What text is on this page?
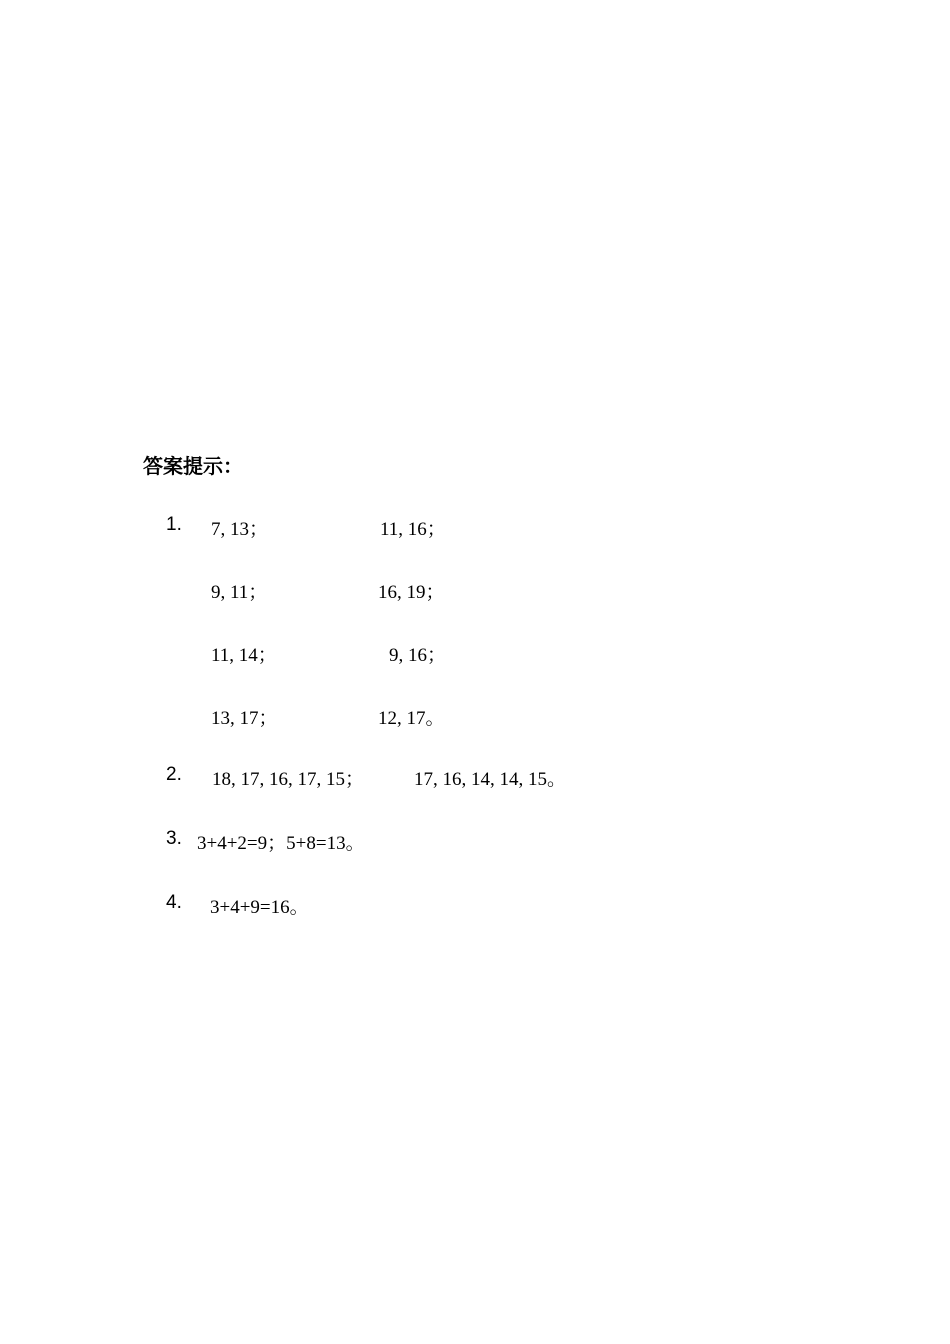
答案提示：
1. 7, 13；	11, 16；
9, 11；	16, 19；
11, 14；	9, 16；
13, 17；	12, 17。
2. 18, 17, 16, 17, 15；	17, 16, 14, 14, 15。
3. 3+4+2=9；5+8=13。
4. 3+4+9=16。
